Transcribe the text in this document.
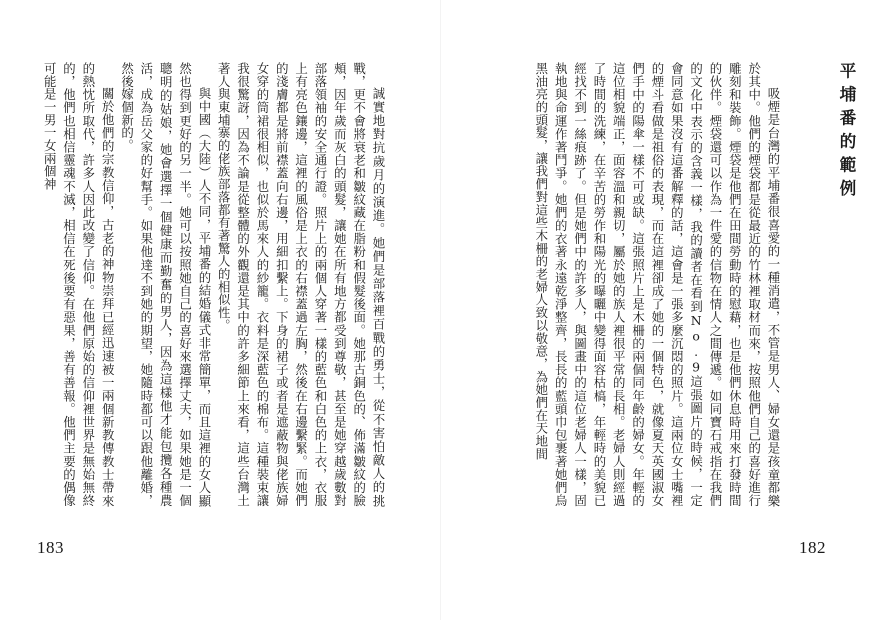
誠實地對抗歲月的演進。她們是部落裡百戰的勇士，從不害怕敵人的挑戰，更不會將衰老和皺紋藏在脂粉和假髮後面。她那古銅色的、佈滿皺紋的臉頰，因年歲而灰白的頭髮，讓她在所有地方都受到尊敬，甚至是她穿越歲數對部落領袖的安全通行證。照片上的兩個人穿著一樣的藍色和白色的上衣，衣服上有亮色鑲邊，這裡的風俗是上衣的右襟蓋過左胸，然後在右邊繫緊。而她們的淺膚都是將前襟蓋向右邊，用細扣繫上。下身的裙子或者是遮蔽物與佬族婦女穿的筒裙很相似，也似於馬來人的紗籠。衣料是深藍色的棉布。這種裝束讓我很驚訝，因為不論是從整體的外觀還是其中的許多細節上來看，這些台灣土著人與東埔寨的佬族部落都有著驚人的相似性。

與中國（大陸）人不同，平埔番的結婚儀式非常簡單，而且這裡的女人顯然也得到更好的另一半。她可以按照她自己的喜好來選擇丈夫，如果她是一個聰明的姑娘，她會選擇一個健康而勤奮的男人，因為這樣他才能包攬各種農活，成為岳父家的好幫手。如果他達不到她的期望，她隨時都可以跟他離婚，然後嫁個新的。

關於他們的宗教信仰，古老的神物崇拜已經迅速被一兩個新教傳教士帶來的熱忱所取代，許多人因此改變了信仰。在他們原始的信仰裡世界是無始無終的，他們也相信靈魂不滅，相信在死後要有惡果，善有善報。他們主要的偶像可能是一男一女兩個神

183
平埔番的範例

吸煙是台灣的平埔番很喜愛的一種消遣，不管是男人、婦女還是孩童都樂於其中。他們的煙袋都是從最近的竹林裡取材而來，按照他們自己的喜好進行雕刻和裝飾。煙袋是他們在田間勞動時的慰藉，也是他們休息時用來打發時間的伙伴。煙袋還可以作為一件愛的信物在情人之間傳遞。如同寶石戒指在我們的文化中表示的含義一樣，我的讀者在看到No.9這張圖片的時候，一定會同意如果沒有這番解釋的話，這會是一張多麼沉悶的照片。這兩位女士嘴裡的煙斗看做是祖俗的表現，而在這裡卻成了她的一個特色，就像夏天英國淑女們手中的陽傘一樣不可或缺。這張照片上是木柵的兩個同年齡的婦女。年輕的這位相貌端正，面容溫和親切，屬於她的族人裡很平常的長相。老婦人則經過了時間的洗練，在辛苦的勞作和陽光的曝曬中變得面容枯槁，年輕時的美貌已經找不到一絲痕跡了。但是她們中的許多人，與圖畫中的這位老婦人一樣，固執地與命運作著鬥爭。她們的衣著永遠乾淨整齊，長長的藍頭巾包裹著她們烏黑油亮的頭髮，讓我們對這些木柵的老婦人致以敬意，為她們在天地間

182
